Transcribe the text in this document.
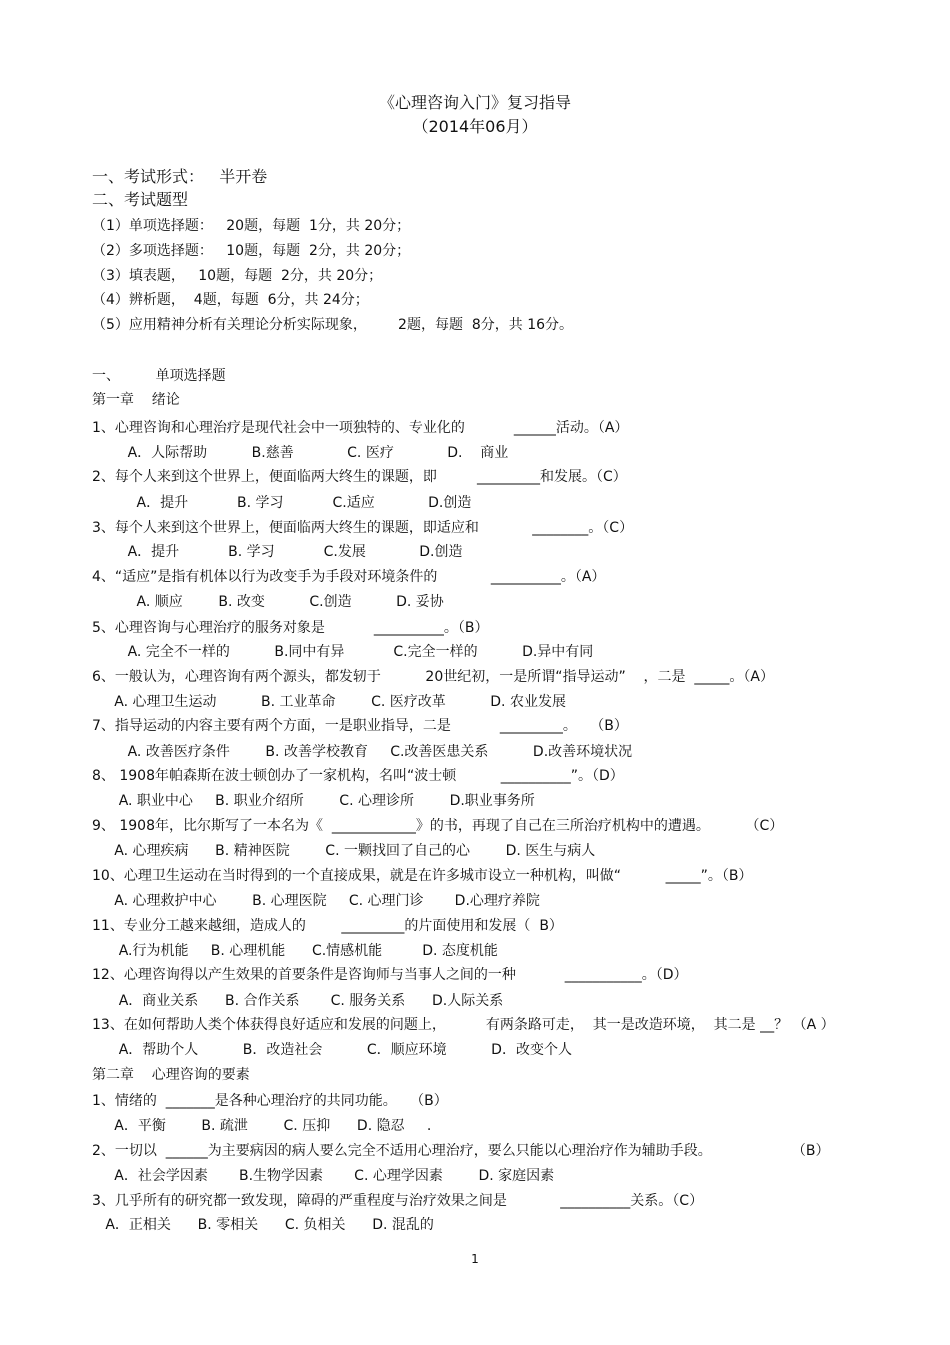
《心理咨询入门》复习指导
（2014年06月）
一、考试形式：   半开卷
二、考试题型
（1）单项选择题：   20题，每题  1分，共 20分；
（2）多项选择题：   10题，每题  2分，共 20分；
（3）填表题，   10题，每题  2分，共 20分；
（4）辨析题，  4题，每题  6分，共 24分；
（5）应用精神分析有关理论分析实际现象，       2题，每题  8分，共 16分。
一、        单项选择题
第一章    绪论
1、心理咨询和心理治疗是现代社会中一项独特的、专业化的           ______活动。（A）
A．人际帮助          B.慈善            C. 医疗            D.    商业
2、每个人来到这个世界上，便面临两大终生的课题，即         _________和发展。（C）
A．提升           B. 学习           C.适应            D.创造
3、每个人来到这个世界上，便面临两大终生的课题，即适应和            ________。（C）
A．提升           B. 学习           C.发展            D.创造
4、“适应”是指有机体以行为改变手为手段对环境条件的            __________。（A）
A. 顺应        B. 改变          C.创造          D. 妥协
5、心理咨询与心理治疗的服务对象是           __________。（B）
A. 完全不一样的          B.同中有异           C.完全一样的          D.异中有同
6、一般认为，心理咨询有两个源头，都发轫于          20世纪初，一是所谓“指导运动”    ，二是  _____。（A）
A. 心理卫生运动          B. 工业革命        C. 医疗改革          D. 农业发展
7、指导运动的内容主要有两个方面，一是职业指导，二是           _________。   （B）
A. 改善医疗条件        B. 改善学校教育     C.改善医患关系          D.改善环境状况
8、 1908年帕森斯在波士顿创办了一家机构，名叫“波士顿          __________”。（D）
A. 职业中心     B. 职业介绍所        C. 心理诊所        D.职业事务所
9、 1908年，比尔斯写了一本名为《  ____________》的书，再现了自己在三所治疗机构中的遭遇。        （C）
A. 心理疾病      B. 精神医院        C. 一颗找回了自己的心        D. 医生与病人
10、心理卫生运动在当时得到的一个直接成果，就是在许多城市设立一种机构，叫做“          _____”。（B）
A. 心理救护中心        B. 心理医院     C. 心理门诊       D.心理疗养院
11、专业分工越来越细，造成人的        _________的片面使用和发展（  B）
A.行为机能     B. 心理机能      C.情感机能         D. 态度机能
12、心理咨询得以产生效果的首要条件是咨询师与当事人之间的一种           ___________。（D）
A．商业关系      B. 合作关系       C. 服务关系      D.人际关系
13、在如何帮助人类个体获得良好适应和发展的问题上，         有两条路可走，  其一是改造环境，  其二是 __？ （A ）
A．帮助个人          B．改造社会          C．顺应环境          D．改变个人
第二章    心理咨询的要素
1、情绪的  _______是各种心理治疗的共同功能。   （B）
A．平衡        B. 疏泄        C. 压抑      D. 隐忍     .
2、一切以  ______为主要病因的病人要么完全不适用心理治疗，要么只能以心理治疗作为辅助手段。                  （B）
A．社会学因素       B.生物学因素       C. 心理学因素        D. 家庭因素
3、几乎所有的研究都一致发现，障碍的严重程度与治疗效果之间是            __________关系。（C）
A．正相关      B. 零相关      C. 负相关      D. 混乱的
1
